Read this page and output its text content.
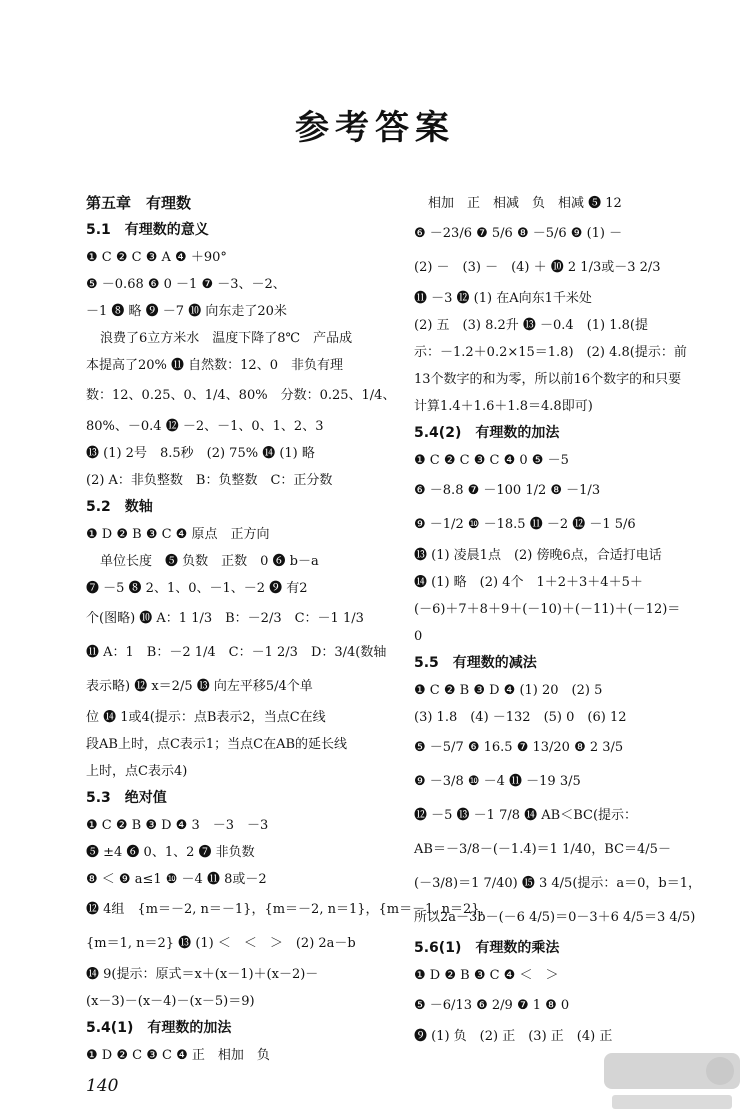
参考答案
第五章　有理数
5.1　有理数的意义
❶ C ❷ C ❸ A ❹ ＋90°
❺ －0.68 ❻ 0 －1 ❼ －3、－2、
－1 ❽ 略 ❾ －7 ❿ 向东走了20米
浪费了6立方米水　温度下降了8℃　产品成
本提高了20% ⓫ 自然数：12、0　非负有理
数：12、0.25、0、1/4、80%　分数：0.25、1/4、
80%、－0.4 ⓬ －2、－1、0、1、2、3
⓭ (1) 2号　8.5秒　(2) 75% ⓮ (1) 略
(2) A：非负整数　B：负整数　C：正分数
5.2　数轴
❶ D ❷ B ❸ C ❹ 原点　正方向
单位长度　❺ 负数　正数　0 ❻ b－a
❼ －5 ❽ 2、1、0、－1、－2 ❾ 有2
个(图略) ❿ A：1 1/3　B：－2/3　C：－1 1/3
⓫ A：1　B：－2 1/4　C：－1 2/3　D：3/4(数轴
表示略) ⓬ x＝2/5 ⓭ 向左平移5/4个单
位 ⓮ 1或4(提示：点B表示2，当点C在线
段AB上时，点C表示1；当点C在AB的延长线
上时，点C表示4)
5.3　绝对值
❶ C ❷ B ❸ D ❹ 3　－3　－3
❺ ±4 ❻ 0、1、2 ❼ 非负数
❽ ＜ ❾ a≤1 ❿ －4 ⓫ 8或－2
⓬ 4组　{m＝－2, n＝－1}，{m＝－2, n＝1}，{m＝－1, n＝2}，
{m＝1, n＝2} ⓭ (1) ＜　＜　＞　(2) 2a－b
⓮ 9(提示：原式＝x＋(x－1)＋(x－2)－
(x－3)－(x－4)－(x－5)＝9)
5.4(1)　有理数的加法
❶ D ❷ C ❸ C ❹ 正　相加　负
相加　正　相减　负　相减 ❺ 12
❻ －23/6 ❼ 5/6 ❽ －5/6 ❾ (1) －
(2) －　(3) －　(4) ＋ ❿ 2 1/3或－3 2/3
⓫ －3 ⓬ (1) 在A向东1千米处
(2) 五　(3) 8.2升 ⓭ －0.4　(1) 1.8(提
示：－1.2＋0.2×15＝1.8)　(2) 4.8(提示：前
13个数字的和为零，所以前16个数字的和只要
计算1.4＋1.6＋1.8＝4.8即可)
5.4(2)　有理数的加法
❶ C ❷ C ❸ C ❹ 0 ❺ －5
❻ －8.8 ❼ －100 1/2 ❽ －1/3
❾ －1/2 ❿ －18.5 ⓫ －2 ⓬ －1 5/6
⓭ (1) 凌晨1点　(2) 傍晚6点，合适打电话
⓮ (1) 略　(2) 4个　1＋2＋3＋4＋5＋
(－6)＋7＋8＋9＋(－10)＋(－11)＋(－12)＝
0
5.5　有理数的减法
❶ C ❷ B ❸ D ❹ (1) 20　(2) 5
(3) 1.8　(4) －132　(5) 0　(6) 12
❺ －5/7 ❻ 16.5 ❼ 13/20 ❽ 2 3/5
❾ －3/8 ❿ －4 ⓫ －19 3/5
⓬ －5 ⓭ －1 7/8 ⓮ AB＜BC(提示：
AB＝－3/8－(－1.4)＝1 1/40，BC＝4/5－
(－3/8)＝1 7/40) ⓯ 3 4/5(提示：a＝0，b＝1，
所以2a－3b－(－6 4/5)＝0－3＋6 4/5＝3 4/5)
5.6(1)　有理数的乘法
❶ D ❷ B ❸ C ❹ ＜　＞
❺ －6/13 ❻ 2/9 ❼ 1 ❽ 0
❾ (1) 负　(2) 正　(3) 正　(4) 正
140
